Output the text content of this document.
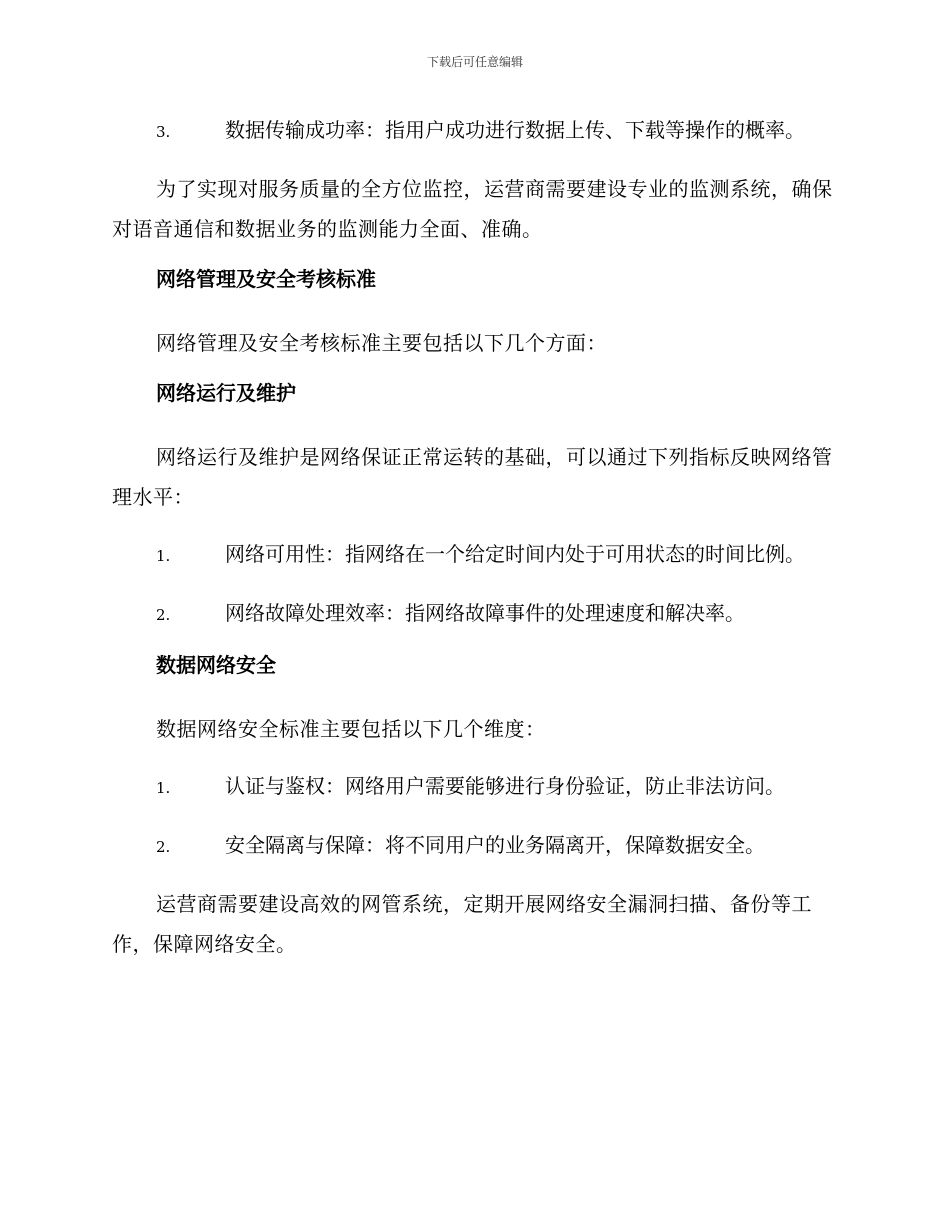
下载后可任意编辑
3.	数据传输成功率：指用户成功进行数据上传、下载等操作的概率。

为了实现对服务质量的全方位监控，运营商需要建设专业的监测系统，确保对语音通信和数据业务的监测能力全面、准确。

网络管理及安全考核标准

网络管理及安全考核标准主要包括以下几个方面：

网络运行及维护

网络运行及维护是网络保证正常运转的基础，可以通过下列指标反映网络管理水平：

1.	网络可用性：指网络在一个给定时间内处于可用状态的时间比例。
2.	网络故障处理效率：指网络故障事件的处理速度和解决率。
数据网络安全

数据网络安全标准主要包括以下几个维度：

1.	认证与鉴权：网络用户需要能够进行身份验证，防止非法访问。
2.	安全隔离与保障：将不同用户的业务隔离开，保障数据安全。

运营商需要建设高效的网管系统，定期开展网络安全漏洞扫描、备份等工作，保障网络安全。
